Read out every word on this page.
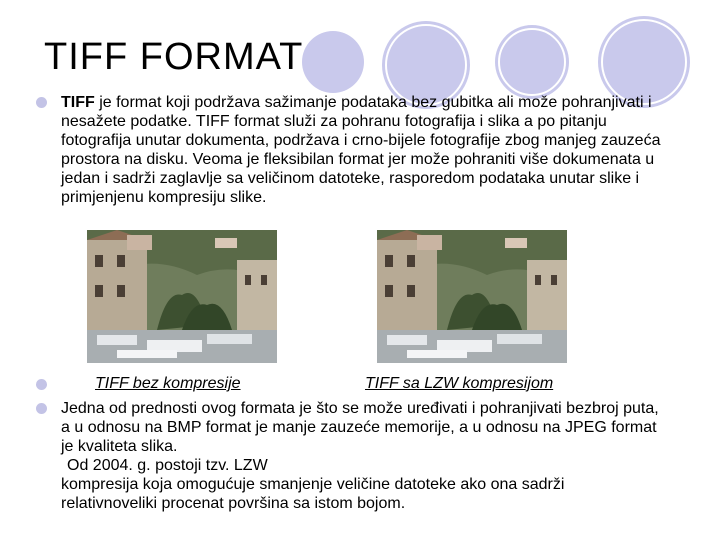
TIFF FORMAT
TIFF je format koji podržava sažimanje podataka bez gubitka ali može pohranjivati i nesažete podatke. TIFF format služi za pohranu fotografija i slika a po pitanju fotografija unutar dokumenta, podržava i crno-bijele fotografije zbog manjeg zauzeća prostora na disku. Veoma je fleksibilan format jer može pohraniti više dokumenata u jedan i sadrži zaglavlje sa veličinom datoteke, rasporedom podataka unutar slike i primjenjenu kompresiju slike.
TIFF bez kompresije	TIFF sa LZW kompresijom
Jedna od prednosti ovog formata je što se može uređivati i pohranjivati bezbroj puta, a u odnosu na BMP format je manje zauzeće memorije, a u odnosu na JPEG format je kvaliteta slika.
Od 2004. g. postoji tzv. LZW
kompresija koja omogućuje smanjenje veličine datoteke ako ona sadrži relativnoveliki procenat površina sa istom bojom.
